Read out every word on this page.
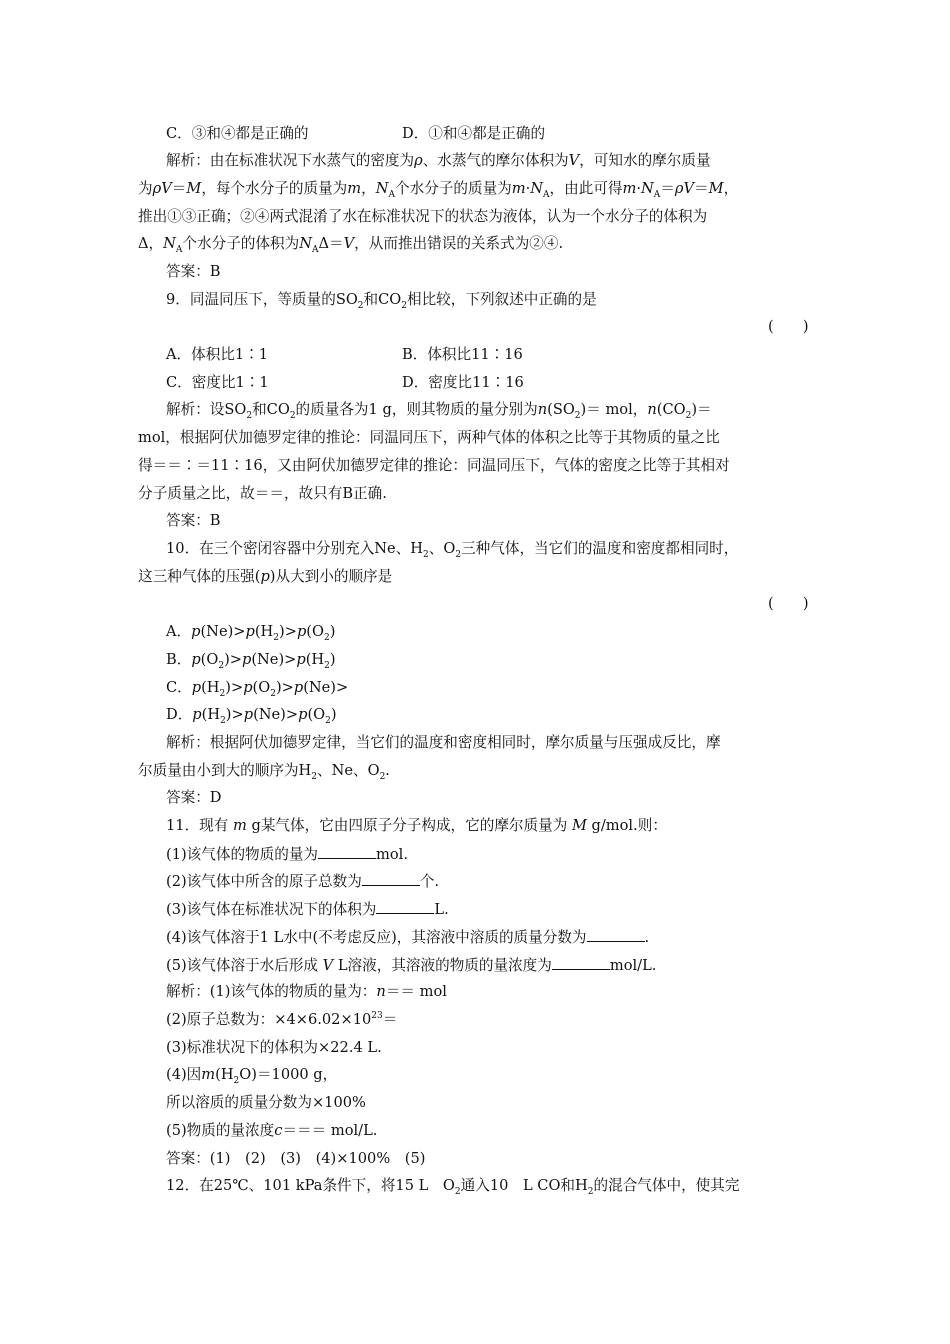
C．③和④都是正确的	D．①和④都是正确的
解析：由在标准状况下水蒸气的密度为ρ、水蒸气的摩尔体积为V，可知水的摩尔质量
为ρV＝M，每个水分子的质量为m，$N_A$个水分子的质量为$m\cdot N_A$，由此可得$m\cdot N_A=\rho V=M$，
推出①③正确；②④两式混淆了水在标准状况下的状态为液体，认为一个水分子的体积为
Δ，$N_A$个水分子的体积为$N_A\Delta=V$，从而推出错误的关系式为②④.
答案：B
9．同温同压下，等质量的$SO_2$和$CO_2$相比较，下列叙述中正确的是
(　　)
A．体积比1∶1	B．体积比11∶16
C．密度比1∶1	D．密度比11∶16
解析：设$SO_2$和$CO_2$的质量各为1 g，则其物质的量分别为$n(SO_2)=$ mol，$n(CO_2)=$
mol，根据阿伏加德罗定律的推论：同温同压下，两种气体的体积之比等于其物质的量之比
得＝＝∶＝11∶16，又由阿伏加德罗定律的推论：同温同压下，气体的密度之比等于其相对
分子质量之比，故＝＝，故只有B正确.
答案：B
10．在三个密闭容器中分别充入Ne、$H_2$、$O_2$三种气体，当它们的温度和密度都相同时，
这三种气体的压强(p)从大到小的顺序是
(　　)
A．$p(Ne)>p(H_2)>p(O_2)$
B．$p(O_2)>p(Ne)>p(H_2)$
C．$p(H_2)>p(O_2)>p(Ne)>$
D．$p(H_2)>p(Ne)>p(O_2)$
解析：根据阿伏加德罗定律，当它们的温度和密度相同时，摩尔质量与压强成反比，摩
尔质量由小到大的顺序为$H_2$、Ne、$O_2$.
答案：D
11．现有 m g某气体，它由四原子分子构成，它的摩尔质量为 M g/mol.则：
(1)该气体的物质的量为	mol.
(2)该气体中所含的原子总数为	个.
(3)该气体在标准状况下的体积为	L.
(4)该气体溶于1 L水中(不考虑反应)，其溶液中溶质的质量分数为	.
(5)该气体溶于水后形成 V L溶液，其溶液的物质的量浓度为	mol/L.
解析：(1)该气体的物质的量为：n＝＝ mol
(2)原子总数为：$\times 4\times 6.02\times 10^{23}=$
(3)标准状况下的体积为×22.4 L.
(4)因$m(H_2O)=1000$ g，
所以溶质的质量分数为×100%
(5)物质的量浓度c＝＝＝ mol/L.
答案：(1)　(2)　(3)　(4)×100%　(5)
12．在25℃、101 kPa条件下，将15 L　$O_2$通入10　L CO和$H_2$的混合气体中，使其完
